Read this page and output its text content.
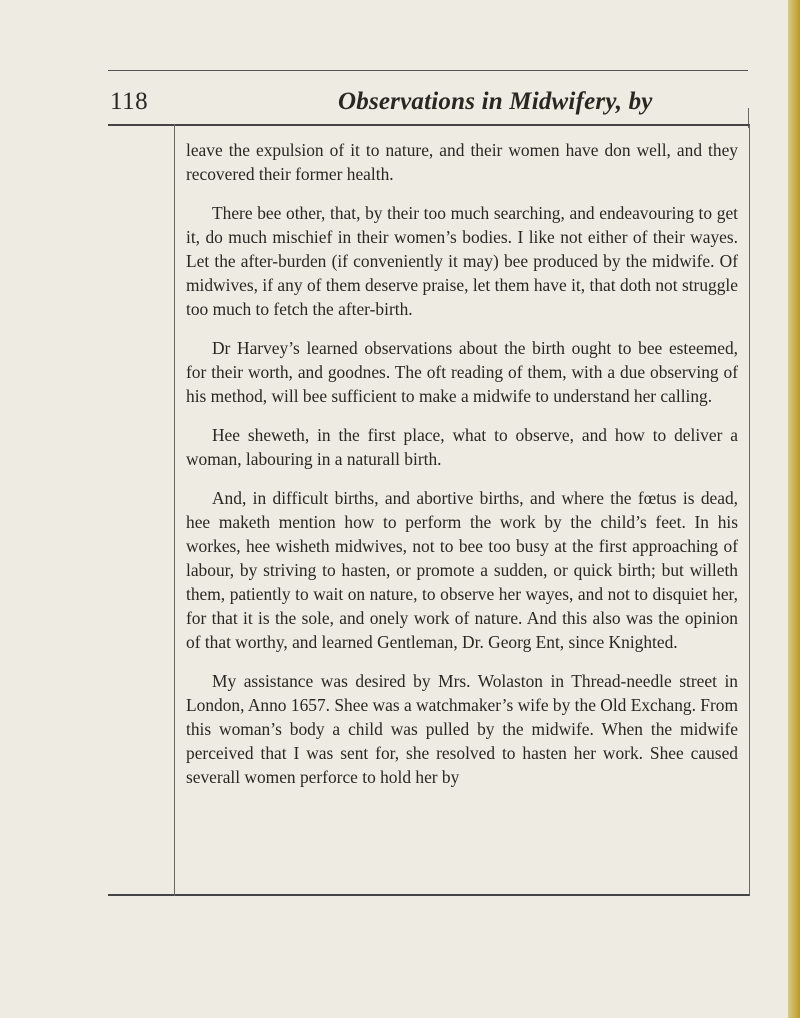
118	Observations in Midwifery, by

leave the expulsion of it to nature, and their women have don well, and they recovered their former health.

There bee other, that, by their too much searching, and endeavouring to get it, do much mischief in their women’s bodies. I like not either of their wayes. Let the after-burden (if conveniently it may) bee produced by the midwife. Of midwives, if any of them deserve praise, let them have it, that doth not struggle too much to fetch the after-birth.

Dr Harvey’s learned observations about the birth ought to bee esteemed, for their worth, and goodnes. The oft reading of them, with a due observing of his method, will bee sufficient to make a midwife to understand her calling.

Hee sheweth, in the first place, what to observe, and how to deliver a woman, labouring in a naturall birth.

And, in difficult births, and abortive births, and where the fœtus is dead, hee maketh mention how to perform the work by the child’s feet. In his workes, hee wisheth midwives, not to bee too busy at the first approaching of labour, by striving to hasten, or promote a sudden, or quick birth; but willeth them, patiently to wait on nature, to observe her wayes, and not to disquiet her, for that it is the sole, and onely work of nature. And this also was the opinion of that worthy, and learned Gentleman, Dr. Georg Ent, since Knighted.

My assistance was desired by Mrs. Wolaston in Thread-needle street in London, Anno 1657. Shee was a watchmaker’s wife by the Old Exchang. From this woman’s body a child was pulled by the midwife. When the midwife perceived that I was sent for, she resolved to hasten her work. Shee caused severall women perforce to hold her by
